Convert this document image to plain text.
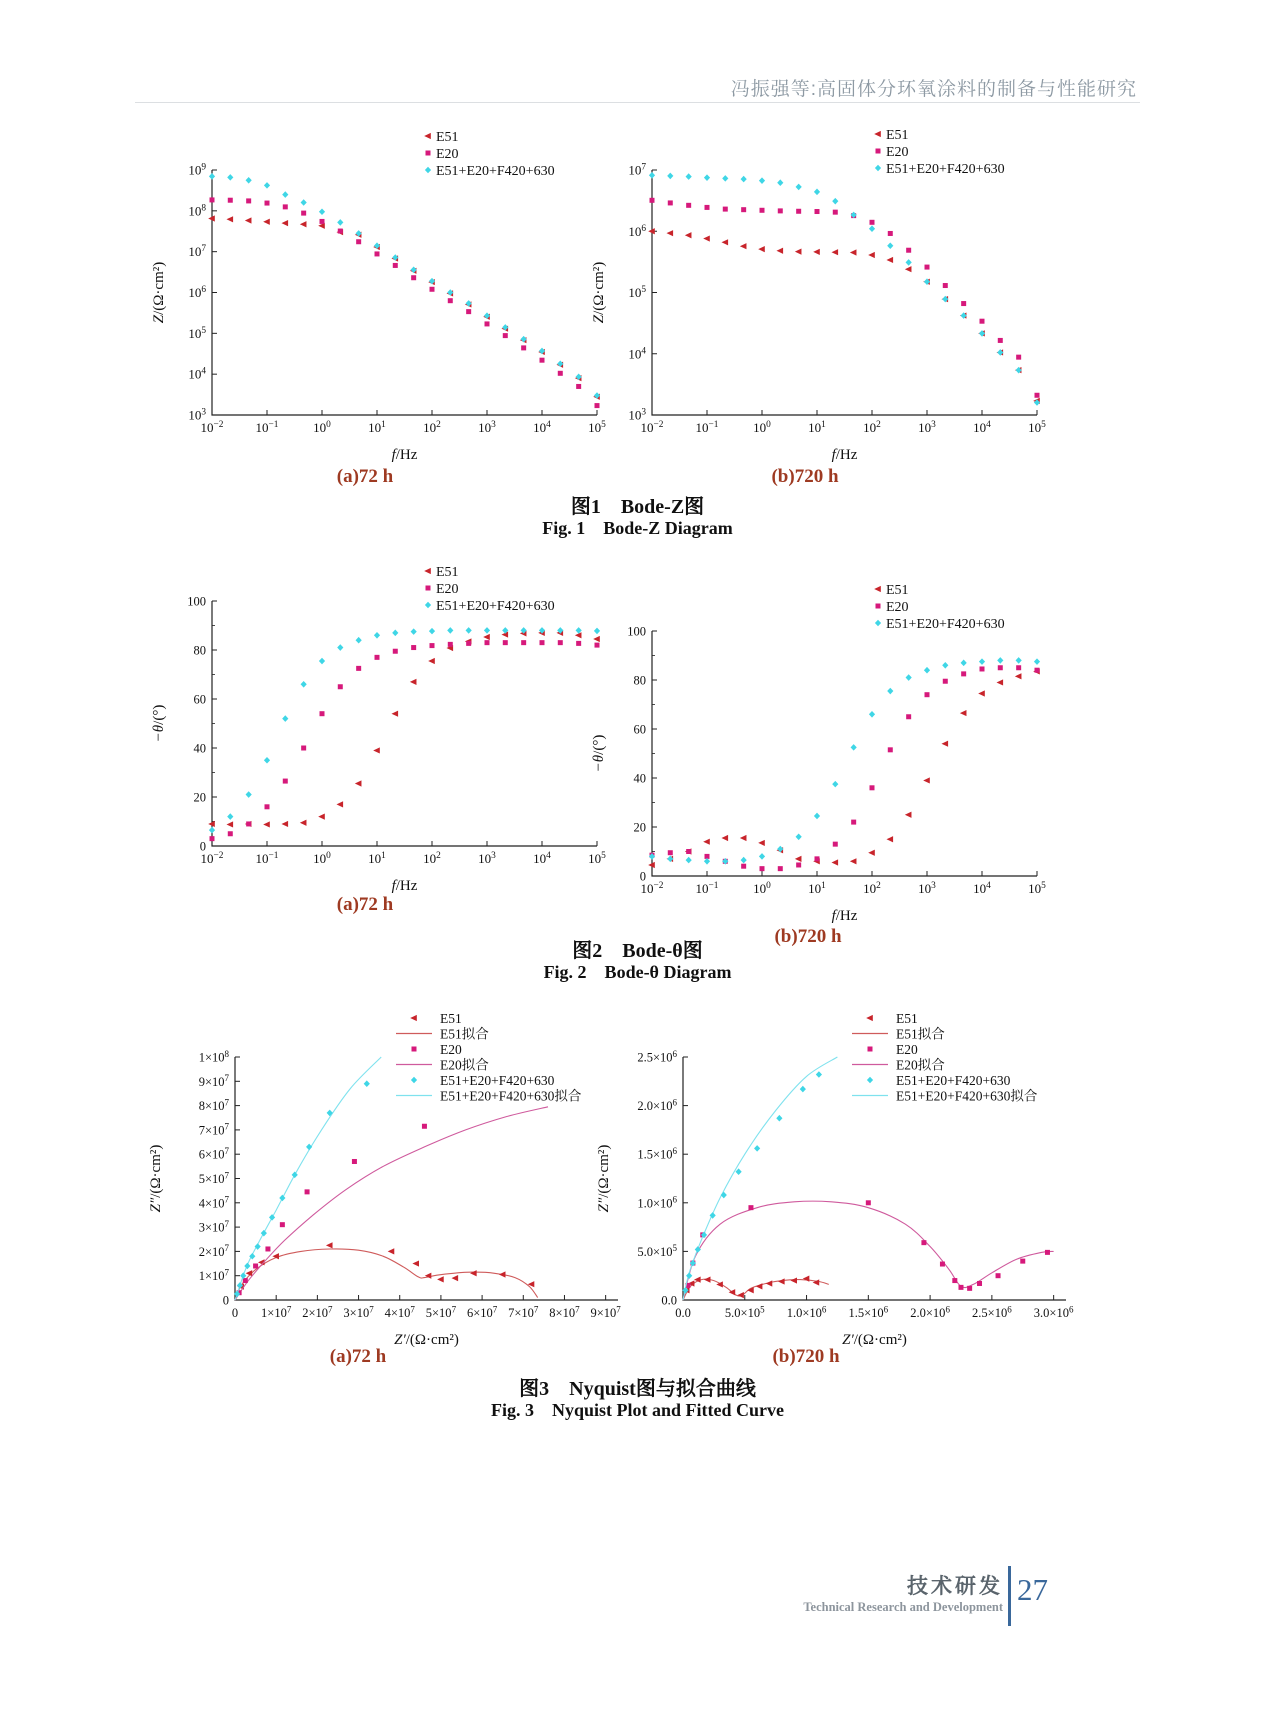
冯振强等:高固体分环氧涂料的制备与性能研究
$10^{-2}$ $10^{-1}$	$10^0$	$10^1$	$10^2$	$10^3$	$10^4$	$10^5$
$10^3$
$10^4$
$10^5$
$10^6$
$10^7$
$10^8$
$10^9$
f/Hz
Z/(Ω·cm²)
E51
E20
E51+E20+F420+630
$10^{-2}$ $10^{-1}$	$10^0$	$10^1$	$10^2$	$10^3$	$10^4$	$10^5$
$10^3$
$10^4$
$10^5$
$10^6$
$10^7$
f/Hz
Z/(Ω·cm²)
E51
E20
E51+E20+F420+630
(a)72 h	(b)720 h
图1　Bode-Z图
Fig. 1　Bode-Z Diagram
$10^{-2}$ $10^{-1}$	$10^0$	$10^1$	$10^2$	$10^3$	$10^4$	$10^5$
0
20
40
60
80
100
f/Hz
−θ/(°)
E51
E20
E51+E20+F420+630
$10^{-2}$ $10^{-1}$	$10^0$	$10^1$	$10^2$	$10^3$	$10^4$	$10^5$
0
20
40
60
80
100
f/Hz
−θ/(°)
E51
E20
E51+E20+F420+630
(a)72 h
(b)720 h
图2　Bode-θ图
Fig. 2　Bode-θ Diagram
0 $1\times 10^7$ $2\times 10^7$ $3\times 10^7$ $4\times 10^7$ $5\times 10^7$ $6\times 10^7$ $7\times 10^7$ $8\times 10^7$ $9\times 10^7$
$1\times 10^7$
$2\times 10^7$
$3\times 10^7$
$4\times 10^7$
$5\times 10^7$
$6\times 10^7$
$7\times 10^7$
$8\times 10^7$
$9\times 10^7$
$1\times 10^8$
0
Z′/(Ω·cm²)
Z″/(Ω·cm²)
E51
E51拟合
E20
E20拟合
E51+E20+F420+630
E51+E20+F420+630拟合
0.0	$5.0\times 10^5$ $1.0\times 10^6$ $1.5\times 10^6$ $2.0\times 10^6$ $2.5\times 10^6$ $3.0\times 10^6$
0.0
$5.0\times 10^5$
$1.0\times 10^6$
$1.5\times 10^6$
$2.0\times 10^6$
$2.5\times 10^6$
Z′/(Ω·cm²)
Z″/(Ω·cm²)
E51
E51拟合
E20
E20拟合
E51+E20+F420+630
E51+E20+F420+630拟合
(a)72 h	(b)720 h
图3　Nyquist图与拟合曲线
Fig. 3　Nyquist Plot and Fitted Curve
技术研发
Technical Research and Development 27
